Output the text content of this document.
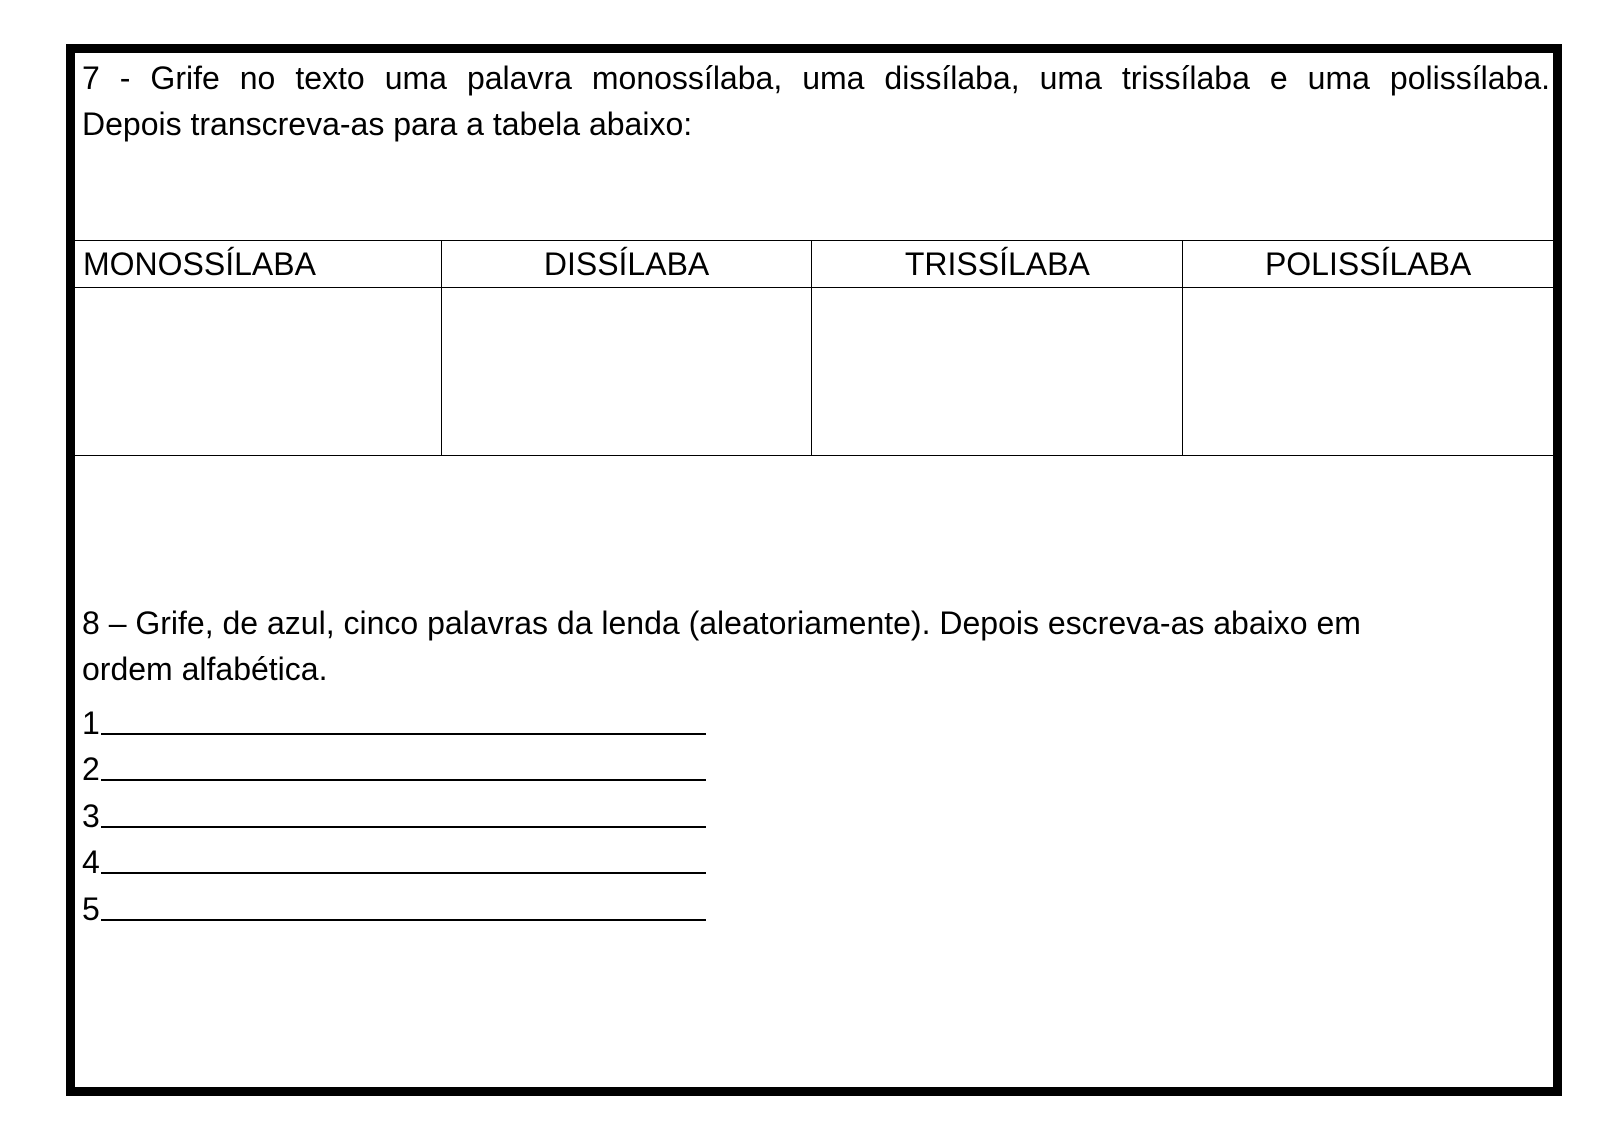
7 - Grife no texto uma palavra monossílaba, uma dissílaba, uma trissílaba e uma polissílaba.

Depois transcreva-as para a tabela abaixo:

MONOSSÍLABA	DISSÍLABA	TRISSÍLABA	POLISSÍLABA

8 – Grife, de azul, cinco palavras da lenda (aleatoriamente). Depois escreva-as abaixo em

ordem alfabética.

1
2
3
4
5
